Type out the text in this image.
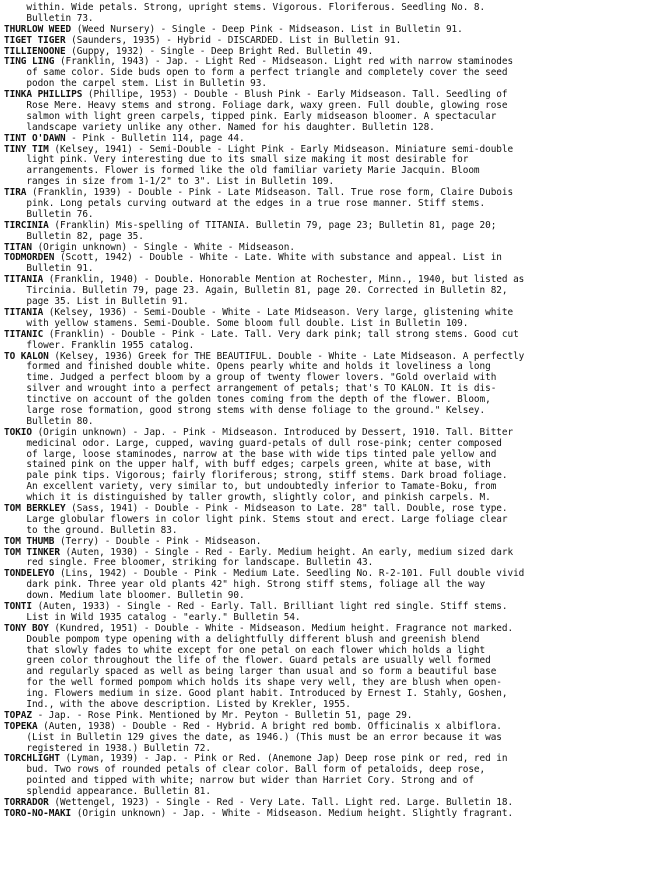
within. Wide petals. Strong, upright stems. Vigorous. Floriferous. Seedling No. 8.
Bulletin 73.
THURLOW WEED (Weed Nursery) - Single - Deep Pink - Midseason. List in Bulletin 91.
TIGET TIGER (Saunders, 1935) - Hybrid - DISCARDED. List in Bulletin 91.
TILLIENOONE (Guppy, 1932) - Single - Deep Bright Red. Bulletin 49.
TING LING (Franklin, 1943) - Jap. - Light Red - Midseason. Light red with narrow staminodes
of same color. Side buds open to form a perfect triangle and completely cover the seed
podon the carpel stem. List in Bulletin 93.
TINKA PHILLIPS (Phillipe, 1953) - Double - Blush Pink - Early Midseason. Tall. Seedling of
Rose Mere. Heavy stems and strong. Foliage dark, waxy green. Full double, glowing rose
salmon with light green carpels, tipped pink. Early midseason bloomer. A spectacular
landscape variety unlike any other. Named for his daughter. Bulletin 128.
TINT O'DAWN - Pink - Bulletin 114, page 44.
TINY TIM (Kelsey, 1941) - Semi-Double - Light Pink - Early Midseason. Miniature semi-double
light pink. Very interesting due to its small size making it most desirable for
arrangements. Flower is formed like the old familiar variety Marie Jacquin. Bloom
ranges in size from 1-1/2" to 3". List in Bulletin 109.
TIRA (Franklin, 1939) - Double - Pink - Late Midseason. Tall. True rose form, Claire Dubois
pink. Long petals curving outward at the edges in a true rose manner. Stiff stems.
Bulletin 76.
TIRCINIA (Franklin) Mis-spelling of TITANIA. Bulletin 79, page 23; Bulletin 81, page 20;
Bulletin 82, page 35.
TITAN (Origin unknown) - Single - White - Midseason.
TODMORDEN (Scott, 1942) - Double - White - Late. White with substance and appeal. List in
Bulletin 91.
TITANIA (Franklin, 1940) - Double. Honorable Mention at Rochester, Minn., 1940, but listed as
Tircinia. Bulletin 79, page 23. Again, Bulletin 81, page 20. Corrected in Bulletin 82,
page 35. List in Bulletin 91.
TITANIA (Kelsey, 1936) - Semi-Double - White - Late Midseason. Very large, glistening white
with yellow stamens. Semi-Double. Some bloom full double. List in Bulletin 109.
TITANIC (Franklin) - Double - Pink - Late. Tall. Very dark pink; tall strong stems. Good cut
flower. Franklin 1955 catalog.
TO KALON (Kelsey, 1936) Greek for THE BEAUTIFUL. Double - White - Late Midseason. A perfectly
formed and finished double white. Opens pearly white and holds it loveliness a long
time. Judged a perfect bloom by a group of twenty flower lovers. "Gold overlaid with
silver and wrought into a perfect arrangement of petals; that's TO KALON. It is dis-
tinctive on account of the golden tones coming from the depth of the flower. Bloom,
large rose formation, good strong stems with dense foliage to the ground." Kelsey.
Bulletin 80.
TOKIO (Origin unknown) - Jap. - Pink - Midseason. Introduced by Dessert, 1910. Tall. Bitter
medicinal odor. Large, cupped, waving guard-petals of dull rose-pink; center composed
of large, loose staminodes, narrow at the base with wide tips tinted pale yellow and
stained pink on the upper half, with buff edges; carpels green, white at base, with
pale pink tips. Vigorous; fairly floriferous; strong, stiff stems. Dark broad foliage.
An excellent variety, very similar to, but undoubtedly inferior to Tamate-Boku, from
which it is distinguished by taller growth, slightly color, and pinkish carpels. M.
TOM BERKLEY (Sass, 1941) - Double - Pink - Midseason to Late. 28" tall. Double, rose type.
Large globular flowers in color light pink. Stems stout and erect. Large foliage clear
to the ground. Bulletin 83.
TOM THUMB (Terry) - Double - Pink - Midseason.
TOM TINKER (Auten, 1930) - Single - Red - Early. Medium height. An early, medium sized dark
red single. Free bloomer, striking for landscape. Bulletin 43.
TONDELEYO (Lins, 1942) - Double - Pink - Medium Late. Seedling No. R-2-101. Full double vivid
dark pink. Three year old plants 42" high. Strong stiff stems, foliage all the way
down. Medium late bloomer. Bulletin 90.
TONTI (Auten, 1933) - Single - Red - Early. Tall. Brilliant light red single. Stiff stems.
List in Wild 1935 catalog - "early." Bulletin 54.
TONY BOY (Kundred, 1951) - Double - White - Midseason. Medium height. Fragrance not marked.
Double pompom type opening with a delightfully different blush and greenish blend
that slowly fades to white except for one petal on each flower which holds a light
green color throughout the life of the flower. Guard petals are usually well formed
and regularly spaced as well as being larger than usual and so form a beautiful base
for the well formed pompom which holds its shape very well, they are blush when open-
ing. Flowers medium in size. Good plant habit. Introduced by Ernest I. Stahly, Goshen,
Ind., with the above description. Listed by Krekler, 1955.
TOPAZ - Jap. - Rose Pink. Mentioned by Mr. Peyton - Bulletin 51, page 29.
TOPEKA (Auten, 1938) - Double - Red - Hybrid. A bright red bomb. Officinalis x albiflora.
(List in Bulletin 129 gives the date, as 1946.) (This must be an error because it was
registered in 1938.) Bulletin 72.
TORCHLIGHT (Lyman, 1939) - Jap. - Pink or Red. (Anemone Jap) Deep rose pink or red, red in
bud. Two rows of rounded petals of clear color. Ball form of petaloids, deep rose,
pointed and tipped with white; narrow but wider than Harriet Cory. Strong and of
splendid appearance. Bulletin 81.
TORRADOR (Wettengel, 1923) - Single - Red - Very Late. Tall. Light red. Large. Bulletin 18.
TORO-NO-MAKI (Origin unknown) - Jap. - White - Midseason. Medium height. Slightly fragrant.
